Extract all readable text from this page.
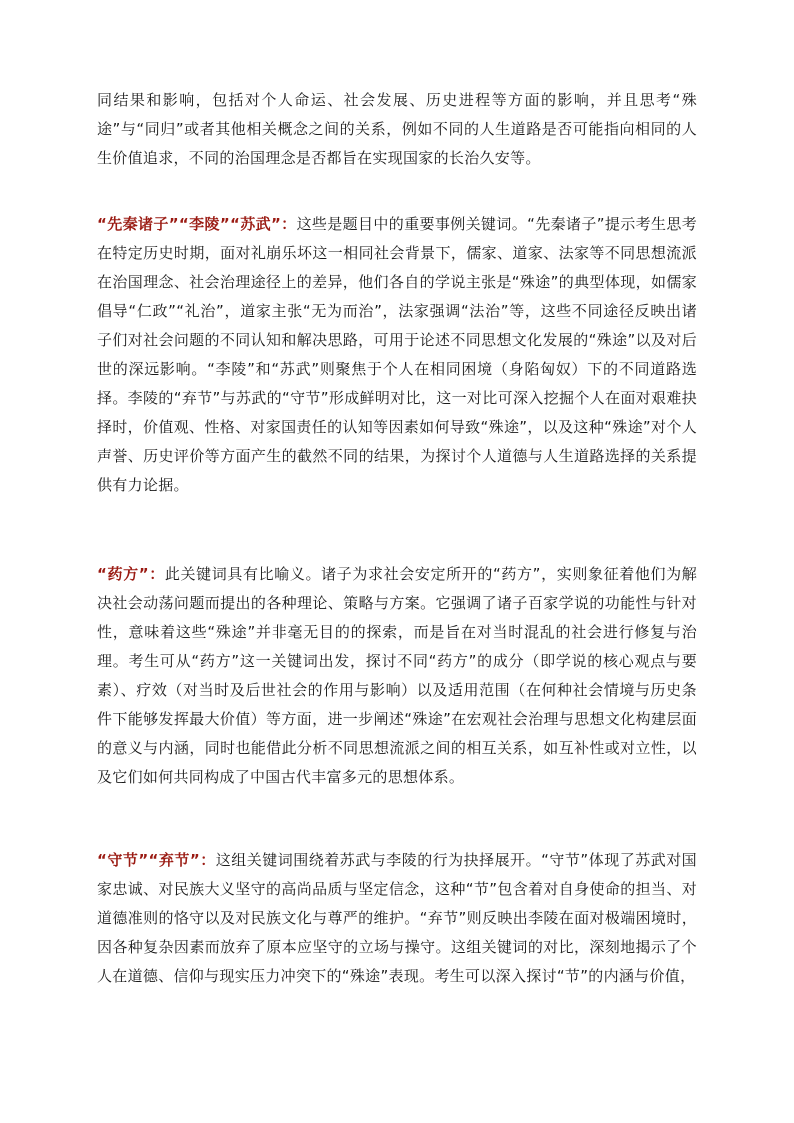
同结果和影响，包括对个人命运、社会发展、历史进程等方面的影响，并且思考“殊途”与“同归”或者其他相关概念之间的关系，例如不同的人生道路是否可能指向相同的人生价值追求，不同的治国理念是否都旨在实现国家的长治久安等。

“先秦诸子”“李陵”“苏武”：这些是题目中的重要事例关键词。“先秦诸子”提示考生思考在特定历史时期，面对礼崩乐坏这一相同社会背景下，儒家、道家、法家等不同思想流派在治国理念、社会治理途径上的差异，他们各自的学说主张是“殊途”的典型体现，如儒家倡导“仁政”“礼治”，道家主张“无为而治”，法家强调“法治”等，这些不同途径反映出诸子们对社会问题的不同认知和解决思路，可用于论述不同思想文化发展的“殊途”以及对后世的深远影响。“李陵”和“苏武”则聚焦于个人在相同困境（身陷匈奴）下的不同道路选择。李陵的“弃节”与苏武的“守节”形成鲜明对比，这一对比可深入挖掘个人在面对艰难抉择时，价值观、性格、对家国责任的认知等因素如何导致“殊途”，以及这种“殊途”对个人声誉、历史评价等方面产生的截然不同的结果，为探讨个人道德与人生道路选择的关系提供有力论据。

“药方”：此关键词具有比喻义。诸子为求社会安定所开的“药方”，实则象征着他们为解决社会动荡问题而提出的各种理论、策略与方案。它强调了诸子百家学说的功能性与针对性，意味着这些“殊途”并非毫无目的的探索，而是旨在对当时混乱的社会进行修复与治理。考生可从“药方”这一关键词出发，探讨不同“药方”的成分（即学说的核心观点与要素）、疗效（对当时及后世社会的作用与影响）以及适用范围（在何种社会情境与历史条件下能够发挥最大价值）等方面，进一步阐述“殊途”在宏观社会治理与思想文化构建层面的意义与内涵，同时也能借此分析不同思想流派之间的相互关系，如互补性或对立性，以及它们如何共同构成了中国古代丰富多元的思想体系。

“守节”“弃节”：这组关键词围绕着苏武与李陵的行为抉择展开。“守节”体现了苏武对国家忠诚、对民族大义坚守的高尚品质与坚定信念，这种“节”包含着对自身使命的担当、对道德准则的恪守以及对民族文化与尊严的维护。“弃节”则反映出李陵在面对极端困境时，因各种复杂因素而放弃了原本应坚守的立场与操守。这组关键词的对比，深刻地揭示了个人在道德、信仰与现实压力冲突下的“殊途”表现。考生可以深入探讨“节”的内涵与价值，
